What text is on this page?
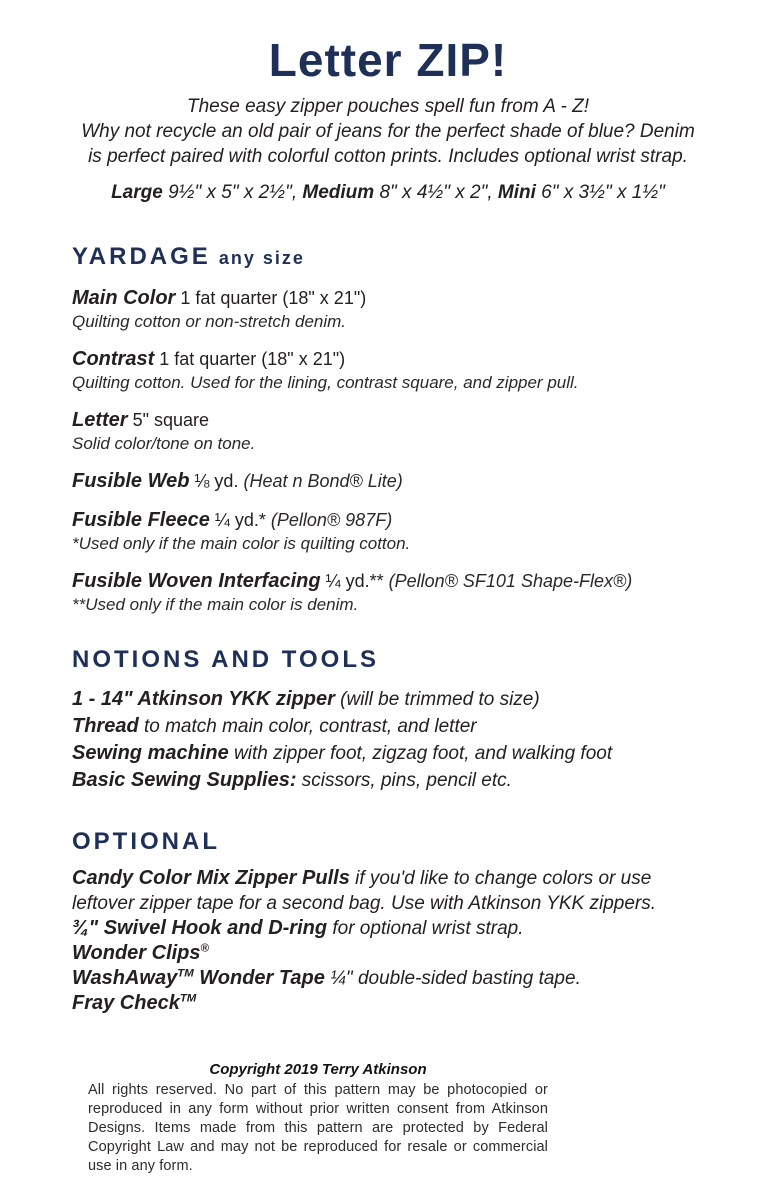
Letter ZIP!
These easy zipper pouches spell fun from A - Z!
Why not recycle an old pair of jeans for the perfect shade of blue? Denim
is perfect paired with colorful cotton prints. Includes optional wrist strap.
Large 9½" x 5" x 2½", Medium 8" x 4½" x 2", Mini 6" x 3½" x 1½"
YARDAGE any size
Main Color 1 fat quarter (18" x 21")
Quilting cotton or non-stretch denim.
Contrast 1 fat quarter (18" x 21")
Quilting cotton. Used for the lining, contrast square, and zipper pull.
Letter 5" square
Solid color/tone on tone.
Fusible Web ⅛ yd. (Heat n Bond® Lite)
Fusible Fleece ¼ yd.* (Pellon® 987F)
*Used only if the main color is quilting cotton.
Fusible Woven Interfacing ¼ yd.** (Pellon® SF101 Shape-Flex®)
**Used only if the main color is denim.
NOTIONS AND TOOLS
1 - 14" Atkinson YKK zipper (will be trimmed to size)
Thread to match main color, contrast, and letter
Sewing machine with zipper foot, zigzag foot, and walking foot
Basic Sewing Supplies: scissors, pins, pencil etc.
OPTIONAL
Candy Color Mix Zipper Pulls if you'd like to change colors or use leftover zipper tape for a second bag. Use with Atkinson YKK zippers.
¾" Swivel Hook and D-ring for optional wrist strap.
Wonder Clips®
WashAway™ Wonder Tape ¼" double-sided basting tape.
Fray Check™
Copyright 2019 Terry Atkinson

All rights reserved. No part of this pattern may be photocopied or reproduced in any form without prior written consent from Atkinson Designs. Items made from this pattern are protected by Federal Copyright Law and may not be reproduced for resale or commercial use in any form.
